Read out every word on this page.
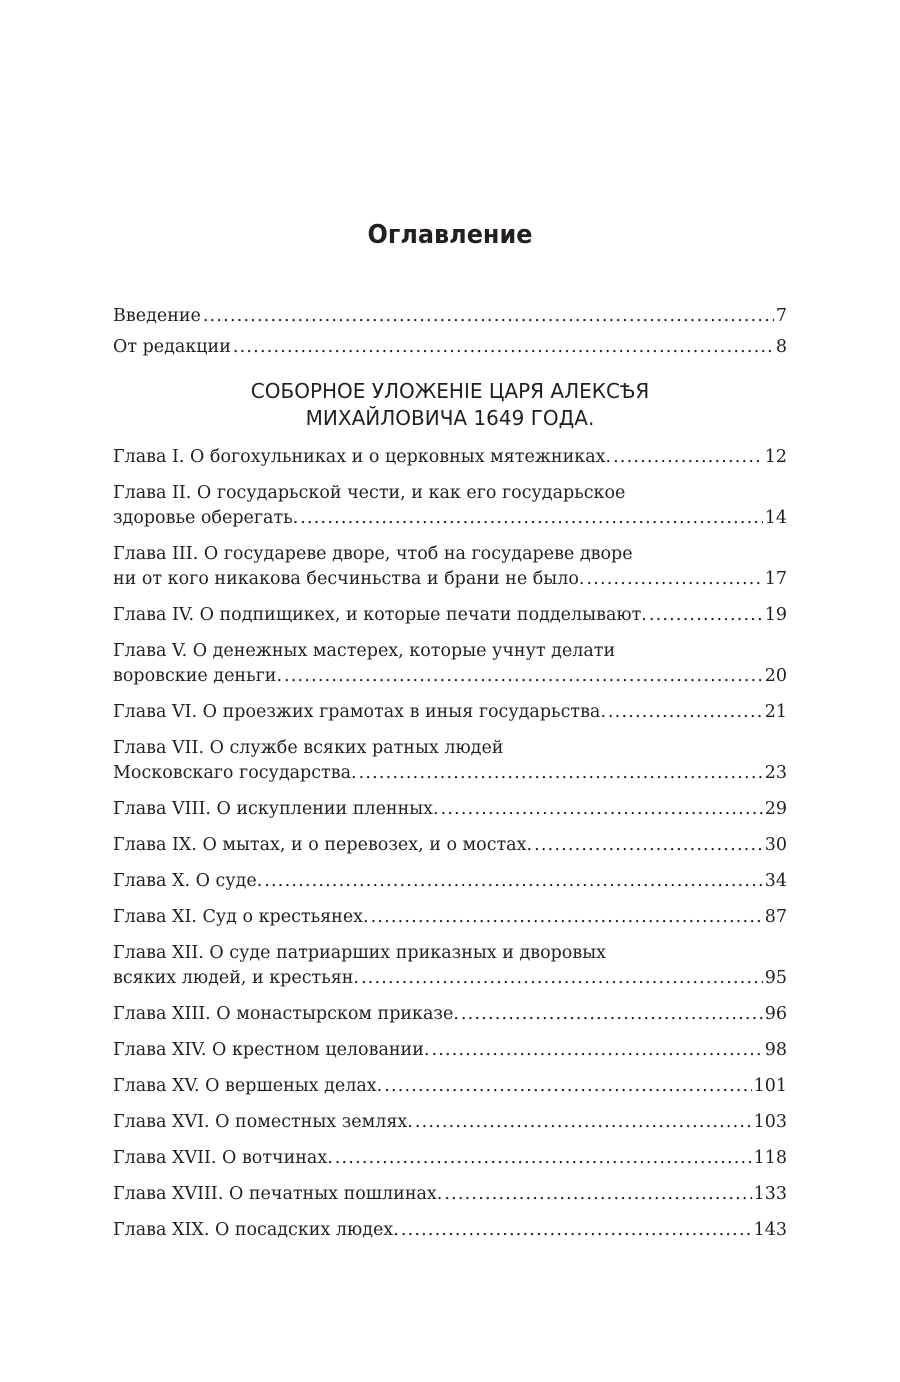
Оглавление
Введение .....	7
От редакции .....	8
СОБОРНОЕ УЛОЖЕНIЕ ЦАРЯ АЛЕКСѢЯ
МИХАЙЛОВИЧА 1649 ГОДА.
Глава I. О богохульниках и о церковных мятежниках. .....	12
Глава II. О государьской чести, и как его государьское
здоровье оберегать. .....	14
Глава III. О государеве дворе, чтоб на государеве дворе
ни от кого никакова бесчиньства и брани не было. .....	17
Глава IV. О подпищикех, и которые печати подделывают. .....	19
Глава V. О денежных мастерех, которые учнут делати
воровские деньги. .....	20
Глава VI. О проезжих грамотах в иныя государьства. .....	21
Глава VII. О службе всяких ратных людей
Московскаго государства. .....	23
Глава VIII. О искуплении пленных. .....	29
Глава IX. О мытах, и о перевозех, и о мостах. .....	30
Глава X. О суде. .....	34
Глава XI. Суд о крестьянех. .....	87
Глава XII. О суде патриарших приказных и дворовых
всяких людей, и крестьян. .....	95
Глава XIII. О монастырском приказе. .....	96
Глава XIV. О крестном целовании. .....	98
Глава XV. О вершеных делах. .....	101
Глава XVI. О поместных землях. .....	103
Глава XVII. О вотчинах. .....	118
Глава XVIII. О печатных пошлинах. .....	133
Глава XIX. О посадских людех. .....	143
